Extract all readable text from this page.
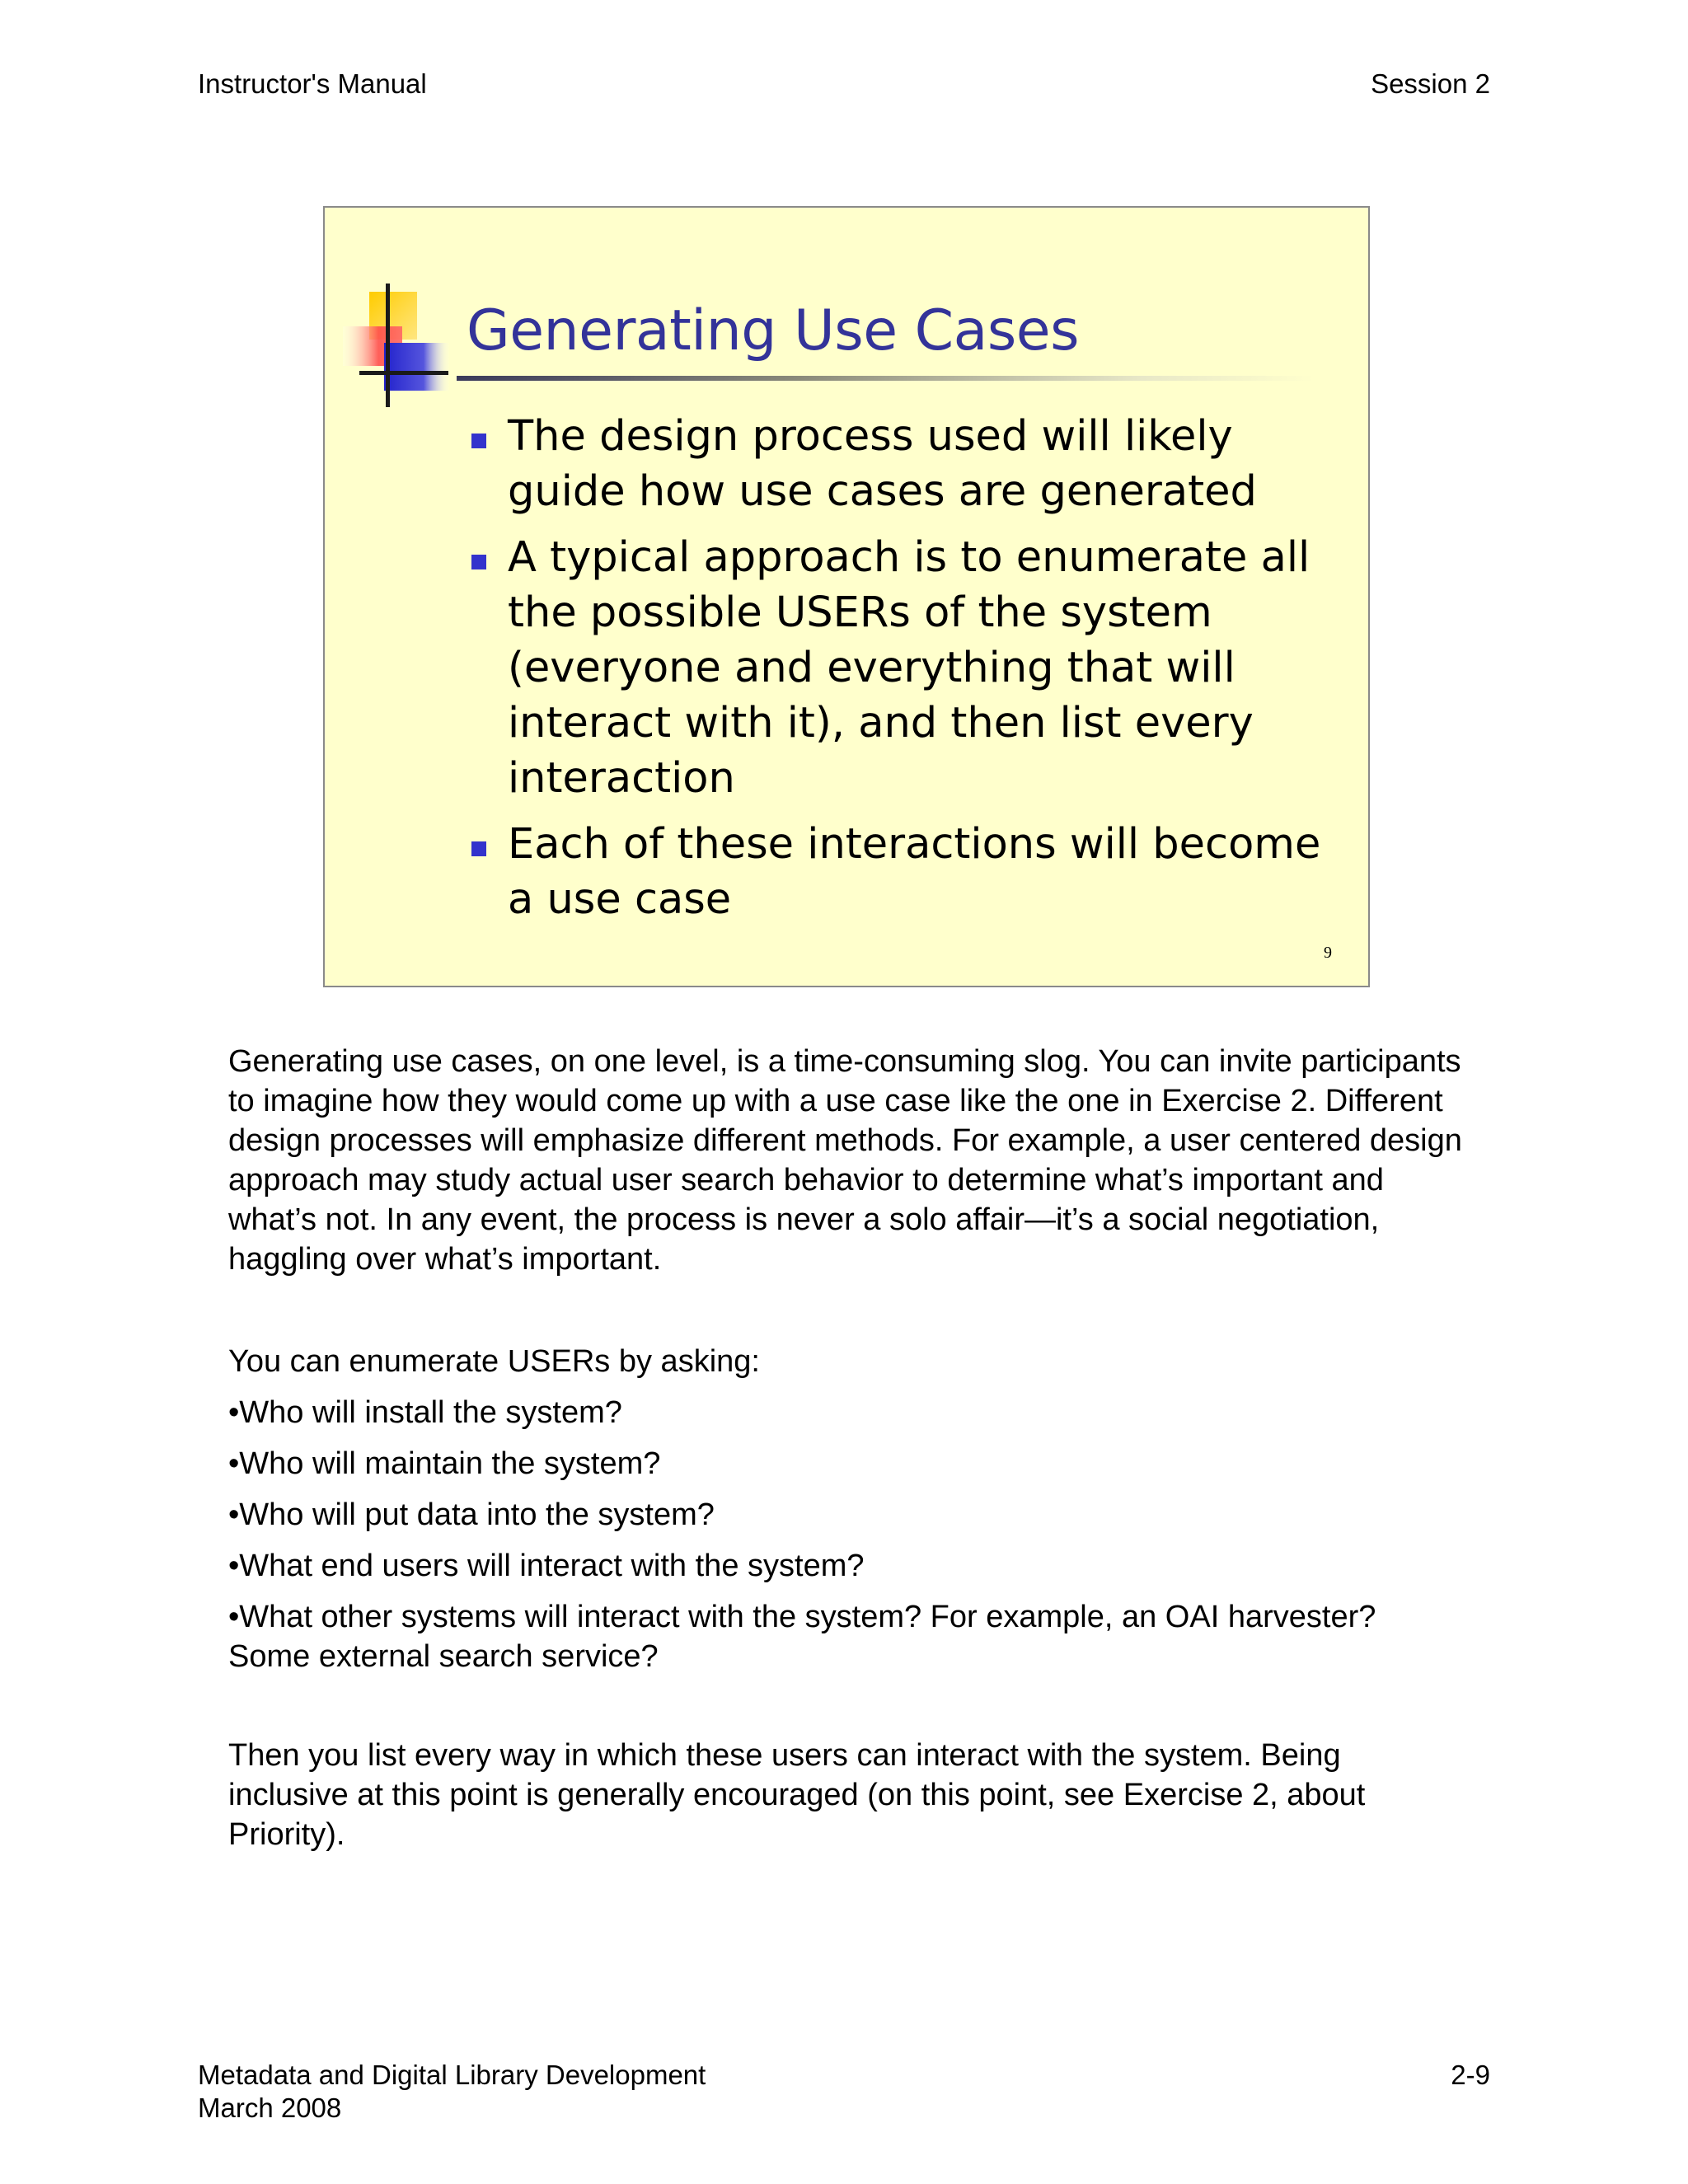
Instructor's Manual	Session 2
Generating Use Cases
The design process used will likely guide how use cases are generated
A typical approach is to enumerate all the possible USERs of the system (everyone and everything that will interact with it), and then list every interaction
Each of these interactions will become a use case
9

Generating use cases, on one level, is a time-consuming slog. You can invite participants to imagine how they would come up with a use case like the one in Exercise 2. Different design processes will emphasize different methods. For example, a user centered design approach may study actual user search behavior to determine what’s important and what’s not. In any event, the process is never a solo affair—it’s a social negotiation, haggling over what’s important.

You can enumerate USERs by asking:

•Who will install the system?

•Who will maintain the system?

•Who will put data into the system?

•What end users will interact with the system?

•What other systems will interact with the system? For example, an OAI harvester? Some external search service?

Then you list every way in which these users can interact with the system. Being inclusive at this point is generally encouraged (on this point, see Exercise 2, about Priority).

Metadata and Digital Library Development
March 2008
2-9
